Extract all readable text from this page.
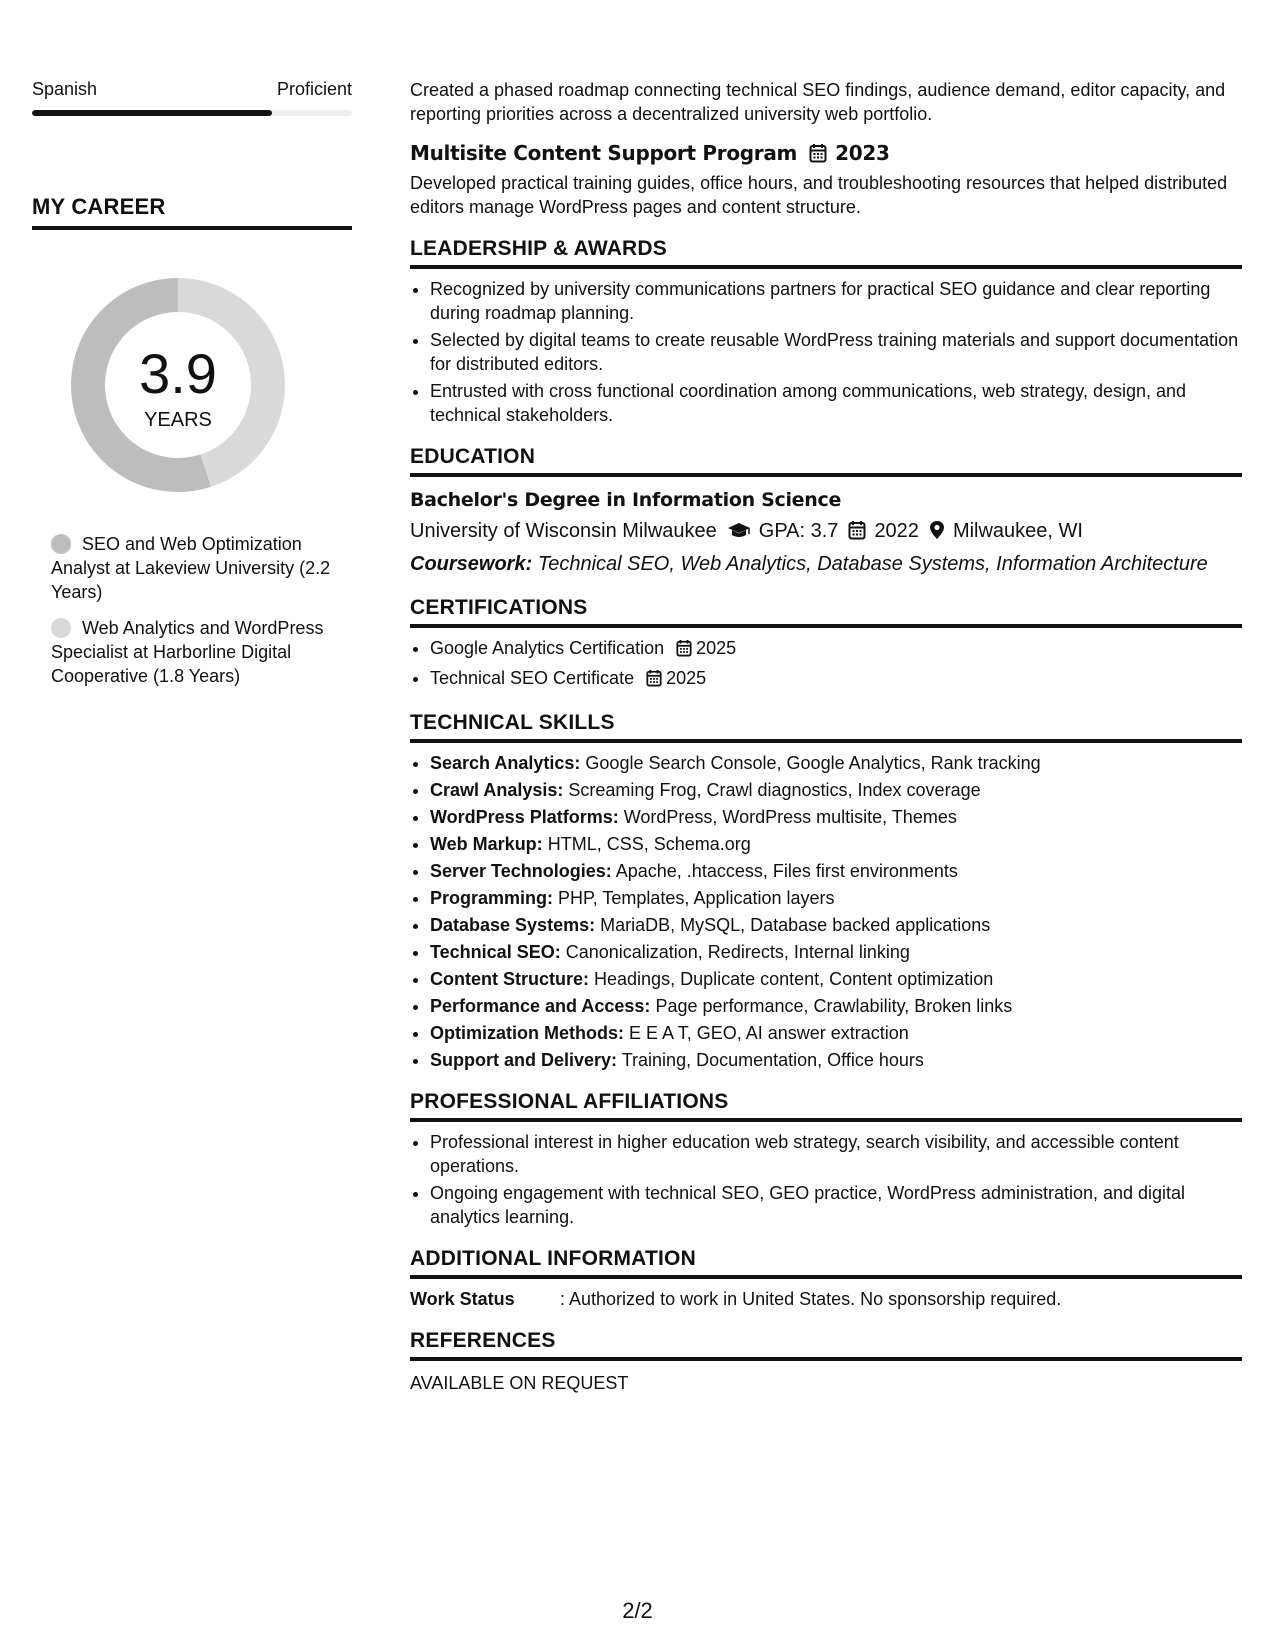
Spanish	Proficient
MY CAREER
3.9
YEARS
SEO and Web Optimization Analyst at Lakeview University (2.2 Years)
Web Analytics and WordPress Specialist at Harborline Digital Cooperative (1.8 Years)

Created a phased roadmap connecting technical SEO findings, audience demand, editor capacity, and reporting priorities across a decentralized university web portfolio.

Multisite Content Support Program 2023

Developed practical training guides, office hours, and troubleshooting resources that helped distributed editors manage WordPress pages and content structure.

LEADERSHIP & AWARDS
• Recognized by university communications partners for practical SEO guidance and clear reporting during roadmap planning.
• Selected by digital teams to create reusable WordPress training materials and support documentation for distributed editors.
• Entrusted with cross functional coordination among communications, web strategy, design, and technical stakeholders.
EDUCATION
Bachelor's Degree in Information Science
University of Wisconsin Milwaukee GPA: 3.7 2022 Milwaukee, WI
Coursework: Technical SEO, Web Analytics, Database Systems, Information Architecture
CERTIFICATIONS
• Google Analytics Certification 2025
• Technical SEO Certificate 2025
TECHNICAL SKILLS
• Search Analytics: Google Search Console, Google Analytics, Rank tracking
• Crawl Analysis: Screaming Frog, Crawl diagnostics, Index coverage
• WordPress Platforms: WordPress, WordPress multisite, Themes
• Web Markup: HTML, CSS, Schema.org
• Server Technologies: Apache, .htaccess, Files first environments
• Programming: PHP, Templates, Application layers
• Database Systems: MariaDB, MySQL, Database backed applications
• Technical SEO: Canonicalization, Redirects, Internal linking
• Content Structure: Headings, Duplicate content, Content optimization
• Performance and Access: Page performance, Crawlability, Broken links
• Optimization Methods: E E A T, GEO, AI answer extraction
• Support and Delivery: Training, Documentation, Office hours
PROFESSIONAL AFFILIATIONS
• Professional interest in higher education web strategy, search visibility, and accessible content operations.
• Ongoing engagement with technical SEO, GEO practice, WordPress administration, and digital analytics learning.
ADDITIONAL INFORMATION
Work Status	: Authorized to work in United States. No sponsorship required.
REFERENCES
AVAILABLE ON REQUEST
2/2
